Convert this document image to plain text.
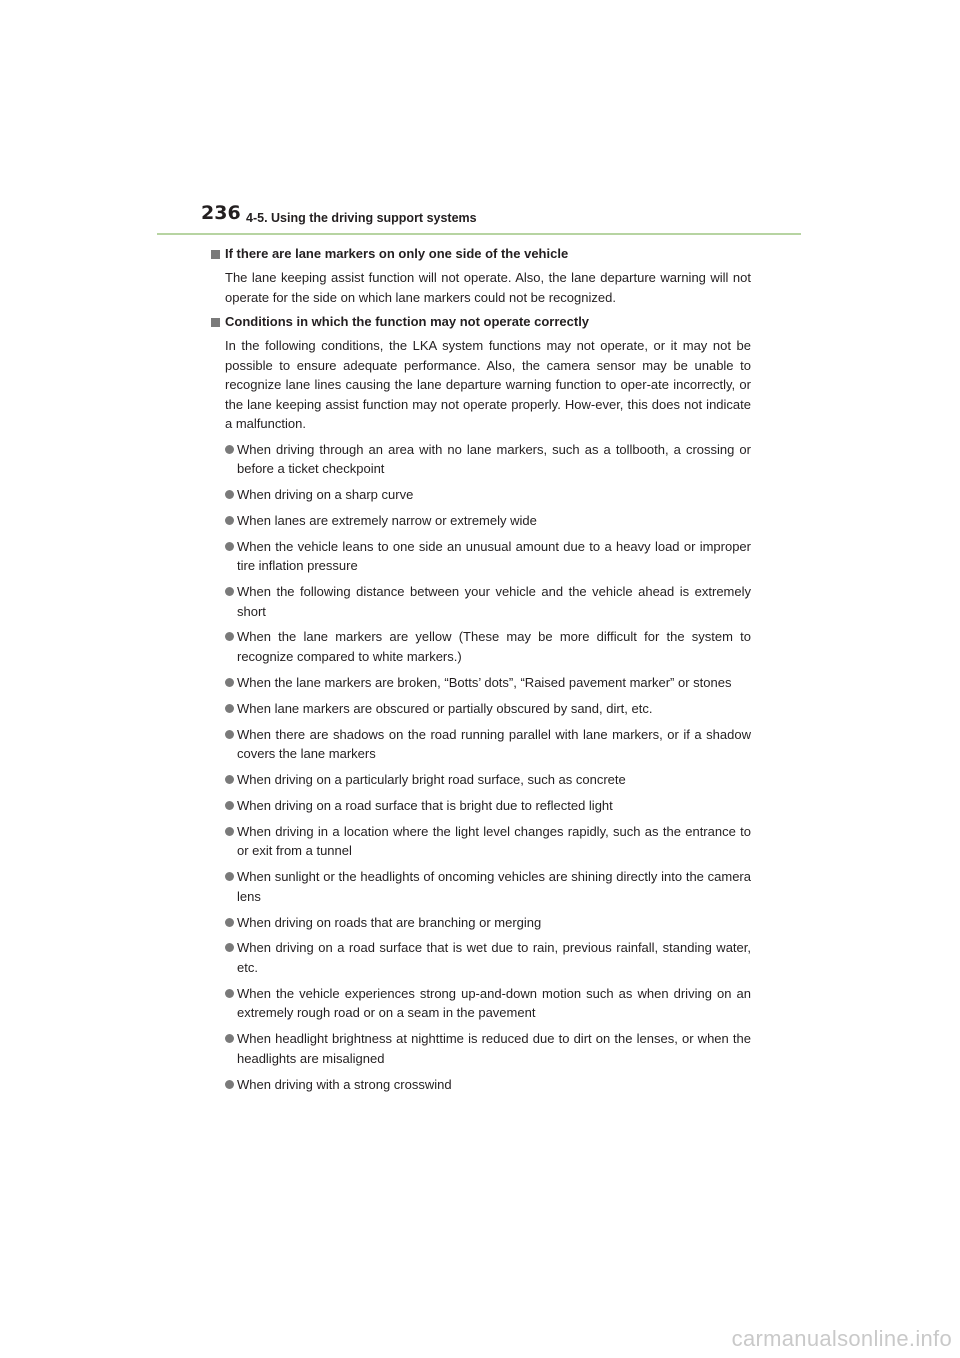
236 4-5. Using the driving support systems
If there are lane markers on only one side of the vehicle

The lane keeping assist function will not operate. Also, the lane departure warning will not operate for the side on which lane markers could not be recognized.

Conditions in which the function may not operate correctly

In the following conditions, the LKA system functions may not operate, or it may not be possible to ensure adequate performance. Also, the camera sensor may be unable to recognize lane lines causing the lane departure warning function to oper-ate incorrectly, or the lane keeping assist function may not operate properly. How-ever, this does not indicate a malfunction.

When driving through an area with no lane markers, such as a tollbooth, a crossing or before a ticket checkpoint
When driving on a sharp curve
When lanes are extremely narrow or extremely wide
When the vehicle leans to one side an unusual amount due to a heavy load or improper tire inflation pressure
When the following distance between your vehicle and the vehicle ahead is extremely short
When the lane markers are yellow (These may be more difficult for the system to recognize compared to white markers.)
When the lane markers are broken, “Botts’ dots”, “Raised pavement marker” or stones
When lane markers are obscured or partially obscured by sand, dirt, etc.
When there are shadows on the road running parallel with lane markers, or if a shadow covers the lane markers
When driving on a particularly bright road surface, such as concrete
When driving on a road surface that is bright due to reflected light
When driving in a location where the light level changes rapidly, such as the entrance to or exit from a tunnel
When sunlight or the headlights of oncoming vehicles are shining directly into the camera lens
When driving on roads that are branching or merging
When driving on a road surface that is wet due to rain, previous rainfall, standing water, etc.
When the vehicle experiences strong up-and-down motion such as when driving on an extremely rough road or on a seam in the pavement
When headlight brightness at nighttime is reduced due to dirt on the lenses, or when the headlights are misaligned
When driving with a strong crosswind
carmanualsonline.info
